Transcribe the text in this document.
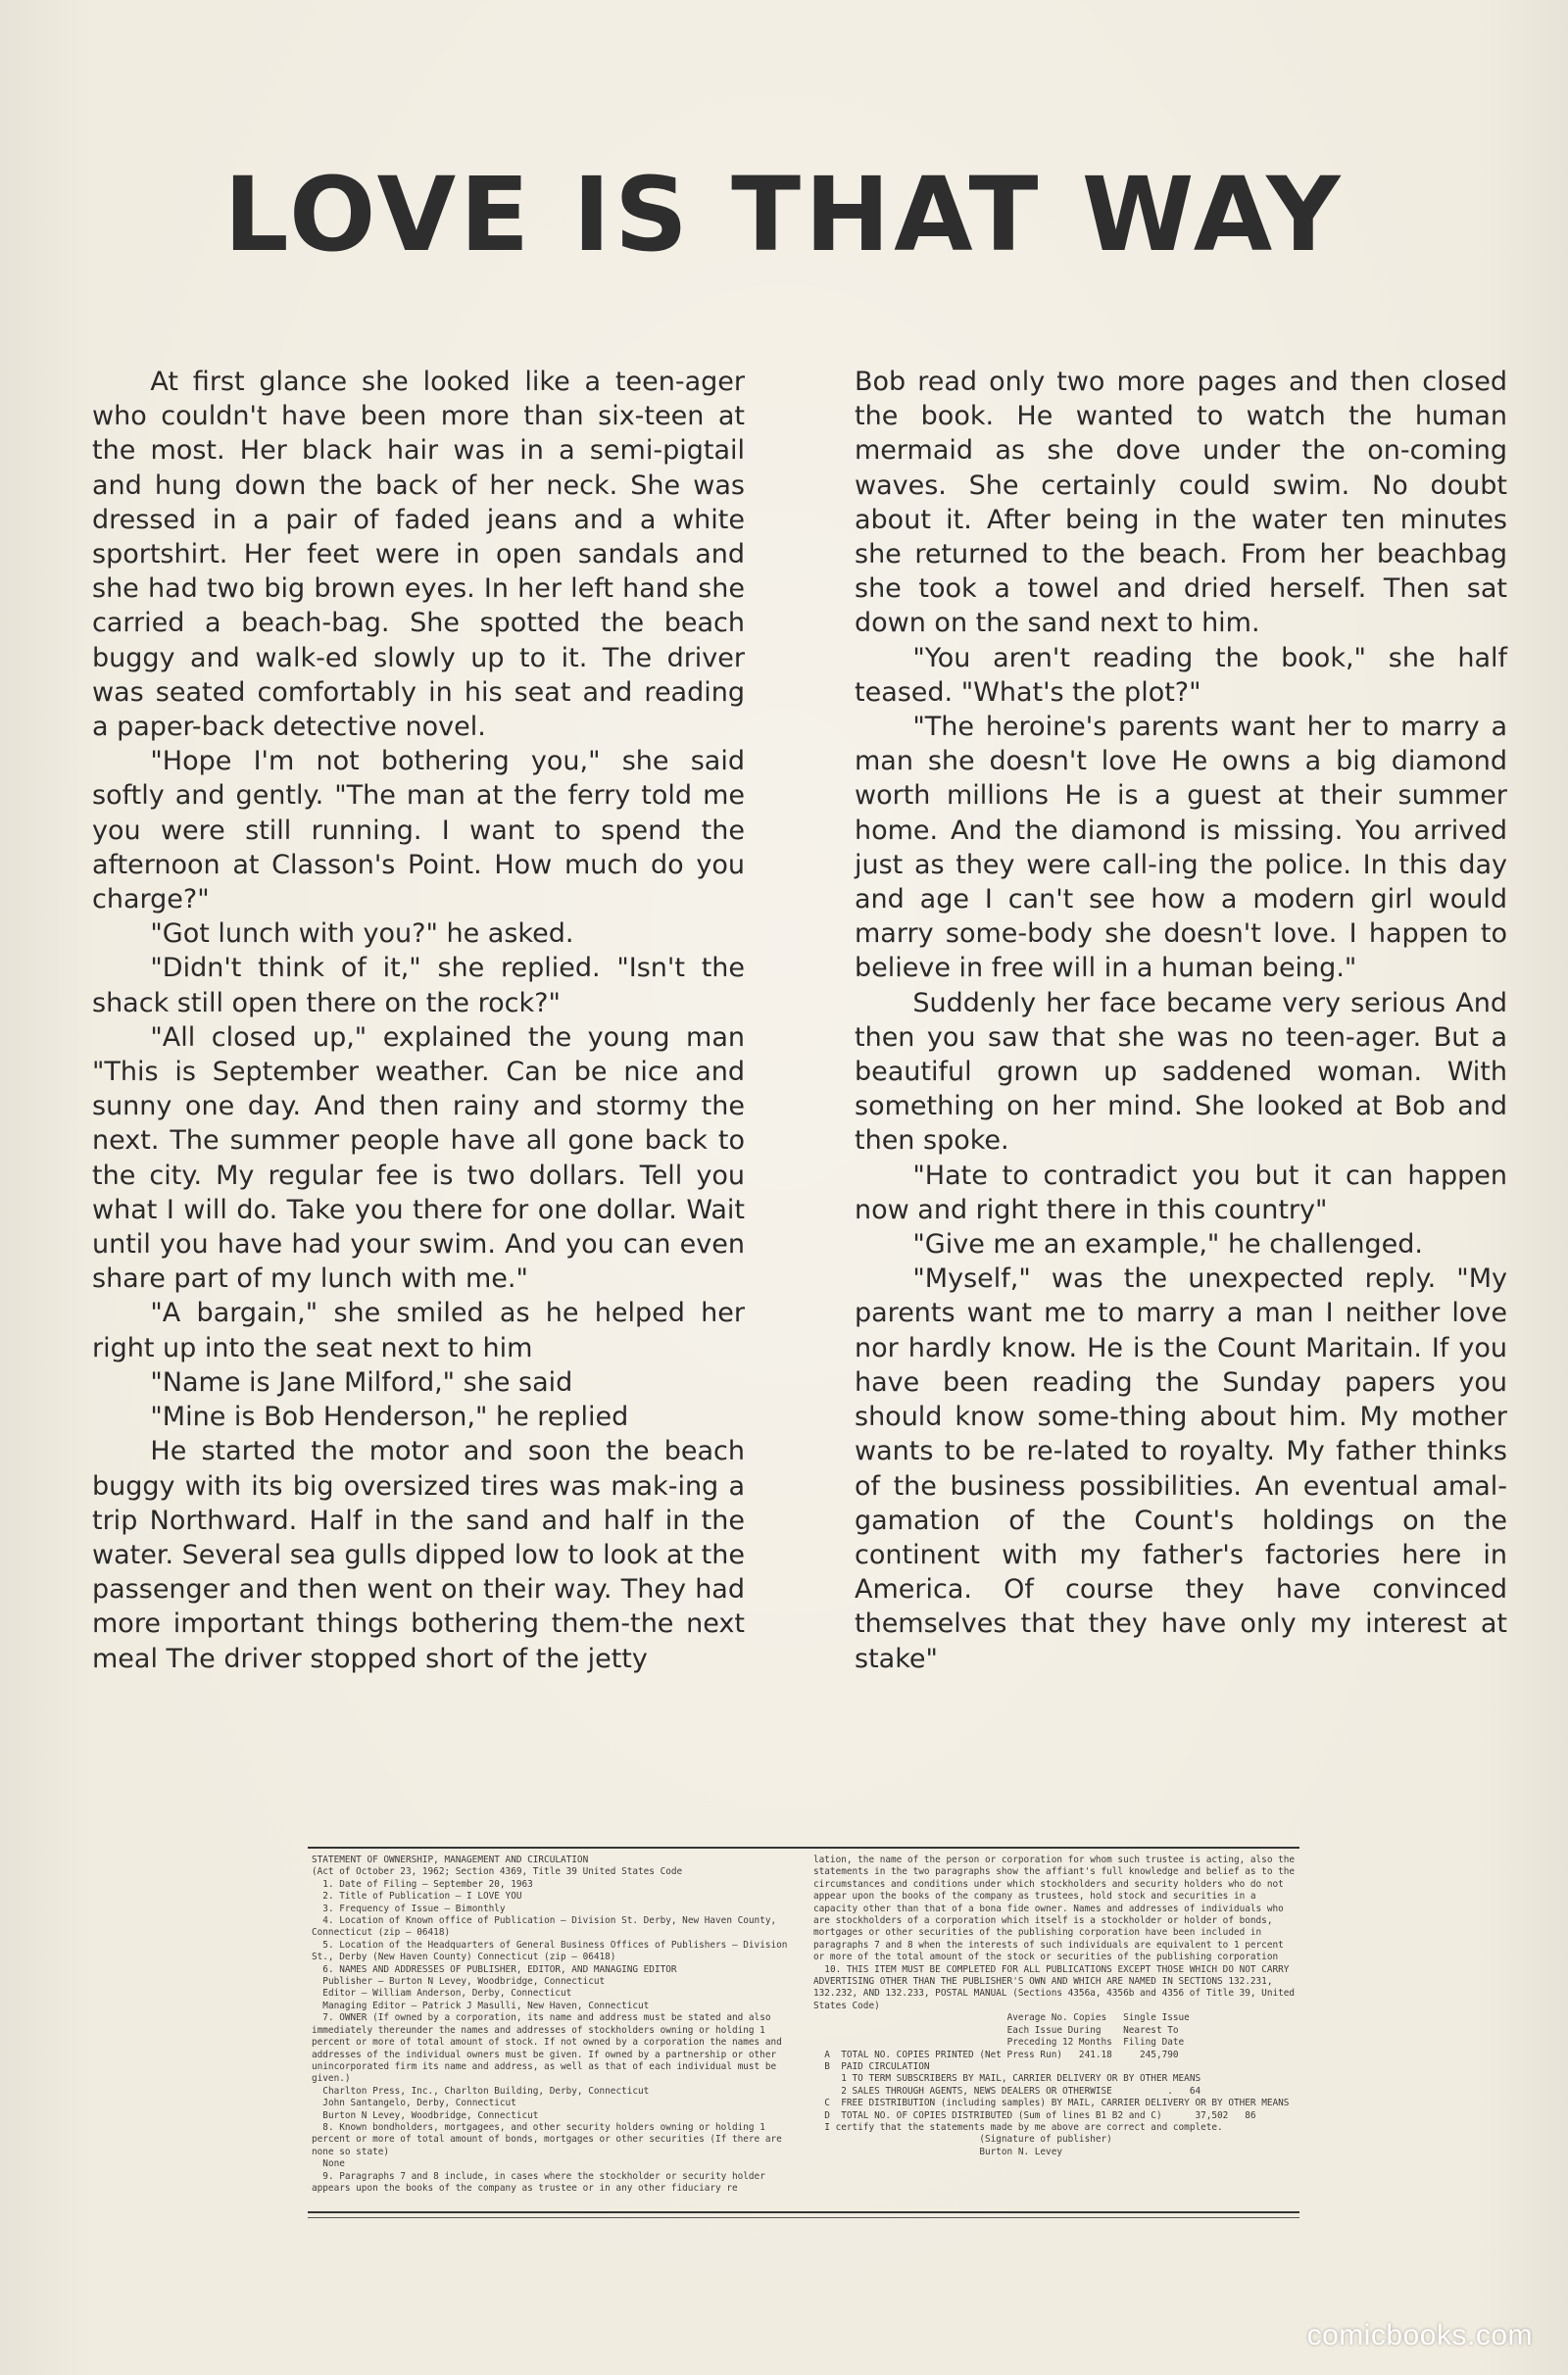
LOVE IS THAT WAY

At first glance she looked like a teen-ager who couldn't have been more than six-teen at the most. Her black hair was in a semi-pigtail and hung down the back of her neck. She was dressed in a pair of faded jeans and a white sportshirt. Her feet were in open sandals and she had two big brown eyes. In her left hand she carried a beach-bag. She spotted the beach buggy and walk-ed slowly up to it. The driver was seated comfortably in his seat and reading a paper-back detective novel.

"Hope I'm not bothering you," she said softly and gently. "The man at the ferry told me you were still running. I want to spend the afternoon at Classon's Point. How much do you charge?"

"Got lunch with you?" he asked.

"Didn't think of it," she replied. "Isn't the shack still open there on the rock?"

"All closed up," explained the young man "This is September weather. Can be nice and sunny one day. And then rainy and stormy the next. The summer people have all gone back to the city. My regular fee is two dollars. Tell you what I will do. Take you there for one dollar. Wait until you have had your swim. And you can even share part of my lunch with me."

"A bargain," she smiled as he helped her right up into the seat next to him

"Name is Jane Milford," she said

"Mine is Bob Henderson," he replied

He started the motor and soon the beach buggy with its big oversized tires was mak-ing a trip Northward. Half in the sand and half in the water. Several sea gulls dipped low to look at the passenger and then went on their way. They had more important things bothering them-the next meal The driver stopped short of the jetty

Bob read only two more pages and then closed the book. He wanted to watch the human mermaid as she dove under the on-coming waves. She certainly could swim. No doubt about it. After being in the water ten minutes she returned to the beach. From her beachbag she took a towel and dried herself. Then sat down on the sand next to him.

"You aren't reading the book," she half teased. "What's the plot?"

"The heroine's parents want her to marry a man she doesn't love He owns a big diamond worth millions He is a guest at their summer home. And the diamond is missing. You arrived just as they were call-ing the police. In this day and age I can't see how a modern girl would marry some-body she doesn't love. I happen to believe in free will in a human being."

Suddenly her face became very serious And then you saw that she was no teen-ager. But a beautiful grown up saddened woman. With something on her mind. She looked at Bob and then spoke.

"Hate to contradict you but it can happen now and right there in this country"

"Give me an example," he challenged.

"Myself," was the unexpected reply. "My parents want me to marry a man I neither love nor hardly know. He is the Count Maritain. If you have been reading the Sunday papers you should know some-thing about him. My mother wants to be re-lated to royalty. My father thinks of the business possibilities. An eventual amal-gamation of the Count's holdings on the continent with my father's factories here in America. Of course they have convinced themselves that they have only my interest at stake"

STATEMENT OF OWNERSHIP, MANAGEMENT AND CIRCULATION
(Act of October 23, 1962; Section 4369, Title 39 United States Code
1. Date of Filing — September 20, 1963
2. Title of Publication — I LOVE YOU
3. Frequency of Issue — Bimonthly
4. Location of Known office of Publication — Division St. Derby, New Haven County, Connecticut (zip — 06418)
5. Location of the Headquarters of General Business Offices of Publishers — Division St., Derby (New Haven County) Connecticut (zip — 06418)
6. NAMES AND ADDRESSES OF PUBLISHER, EDITOR, AND MANAGING EDITOR
Publisher — Burton N Levey, Woodbridge, Connecticut
Editor — William Anderson, Derby, Connecticut
Managing Editor — Patrick J Masulli, New Haven, Connecticut
7. OWNER (If owned by a corporation, its name and address must be stated and also immediately thereunder the names and addresses of stockholders owning or holding 1 percent or more of total amount of stock. If not owned by a corporation the names and addresses of the individual owners must be given. If owned by a partnership or other unincorporated firm its name and address, as well as that of each individual must be given.)
Charlton Press, Inc., Charlton Building, Derby, Connecticut
John Santangelo, Derby, Connecticut
Burton N Levey, Woodbridge, Connecticut
8. Known bondholders, mortgagees, and other security holders owning or holding 1 percent or more of total amount of bonds, mortgages or other securities (If there are none so state)
None
9. Paragraphs 7 and 8 include, in cases where the stockholder or security holder appears upon the books of the company as trustee or in any other fiduciary re
lation, the name of the person or corporation for whom such trustee is acting, also the statements in the two paragraphs show the affiant's full knowledge and belief as to the circumstances and conditions under which stockholders and security holders who do not appear upon the books of the company as trustees, hold stock and securities in a capacity other than that of a bona fide owner. Names and addresses of individuals who are stockholders of a corporation which itself is a stockholder or holder of bonds, mortgages or other securities of the publishing corporation have been included in paragraphs 7 and 8 when the interests of such individuals are equivalent to 1 percent or more of the total amount of the stock or securities of the publishing corporation
10. THIS ITEM MUST BE COMPLETED FOR ALL PUBLICATIONS EXCEPT THOSE WHICH DO NOT CARRY ADVERTISING OTHER THAN THE PUBLISHER'S OWN AND WHICH ARE NAMED IN SECTIONS 132.231, 132.232, AND 132.233, POSTAL MANUAL (Sections 4356a, 4356b and 4356 of Title 39, United States Code)
Average No. Copies   Single Issue
Each Issue During    Nearest To
Preceding 12 Months  Filing Date
A  TOTAL NO. COPIES PRINTED (Net Press Run)   241.18     245,790
B  PAID CIRCULATION
1 TO TERM SUBSCRIBERS BY MAIL, CARRIER DELIVERY OR BY OTHER MEANS
2 SALES THROUGH AGENTS, NEWS DEALERS OR OTHERWISE          .   64
C  FREE DISTRIBUTION (including samples) BY MAIL, CARRIER DELIVERY OR BY OTHER MEANS
D  TOTAL NO. OF COPIES DISTRIBUTED (Sum of lines B1 B2 and C)      37,502   86
I certify that the statements made by me above are correct and complete.
(Signature of publisher)
Burton N. Levey
comicbooks.com
